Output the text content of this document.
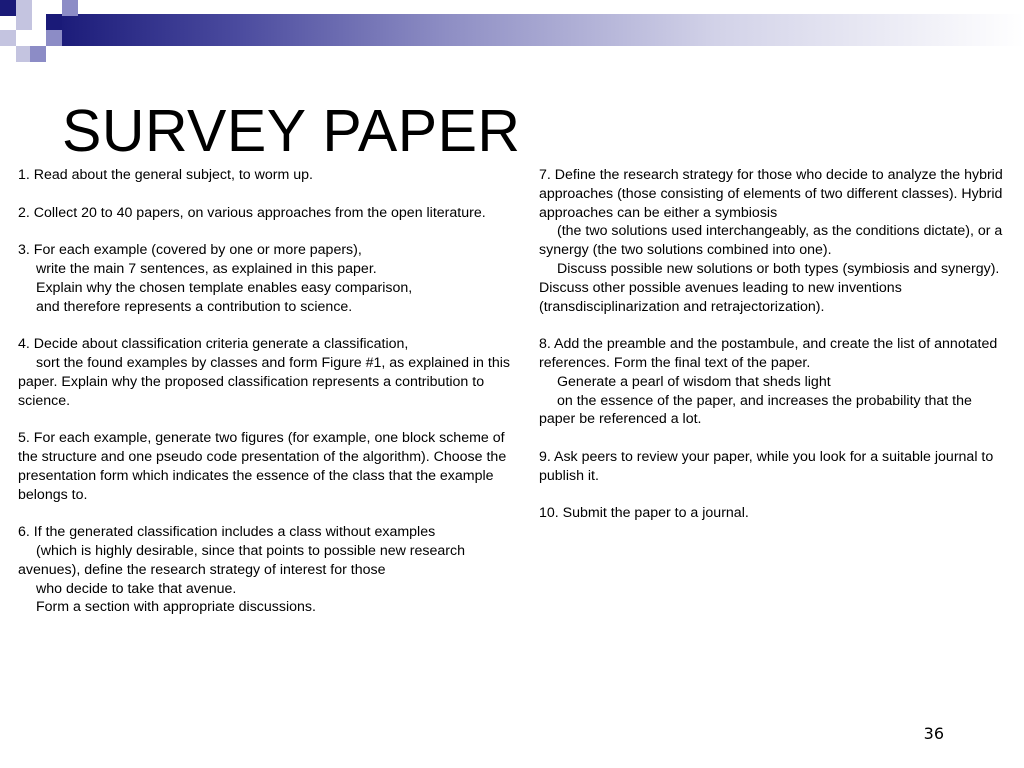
SURVEY PAPER

1. Read about the general subject, to worm up.

2. Collect 20 to 40 papers, on various approaches from the open literature.

3. For each example (covered by one or more papers),

write the main 7 sentences, as explained in this paper.

Explain why the chosen template enables easy comparison,

and therefore represents a contribution to science.

4. Decide about classification criteria generate a classification,

sort the found examples by classes and form Figure #1, as explained in this paper. Explain why the proposed classification represents a contribution to science.

5. For each example, generate two figures (for example, one block scheme of the structure and one pseudo code presentation of the algorithm). Choose the presentation form which indicates the essence of the class that the example belongs to.

6. If the generated classification includes a class without examples

(which is highly desirable, since that points to possible new research avenues), define the research strategy of interest for those

who decide to take that avenue.

Form a section with appropriate discussions.

7. Define the research strategy for those who decide to analyze the hybrid approaches (those consisting of elements of two different classes). Hybrid approaches can be either a symbiosis

(the two solutions used interchangeably, as the conditions dictate), or a synergy (the two solutions combined into one).

Discuss possible new solutions or both types (symbiosis and synergy). Discuss other possible avenues leading to new inventions (transdisciplinarization and retrajectorization).

8. Add the preamble and the postambule, and create the list of annotated references. Form the final text of the paper.

Generate a pearl of wisdom that sheds light

on the essence of the paper, and increases the probability that the paper be referenced a lot.

9. Ask peers to review your paper, while you look for a suitable journal to publish it.

10. Submit the paper to a journal.

36
